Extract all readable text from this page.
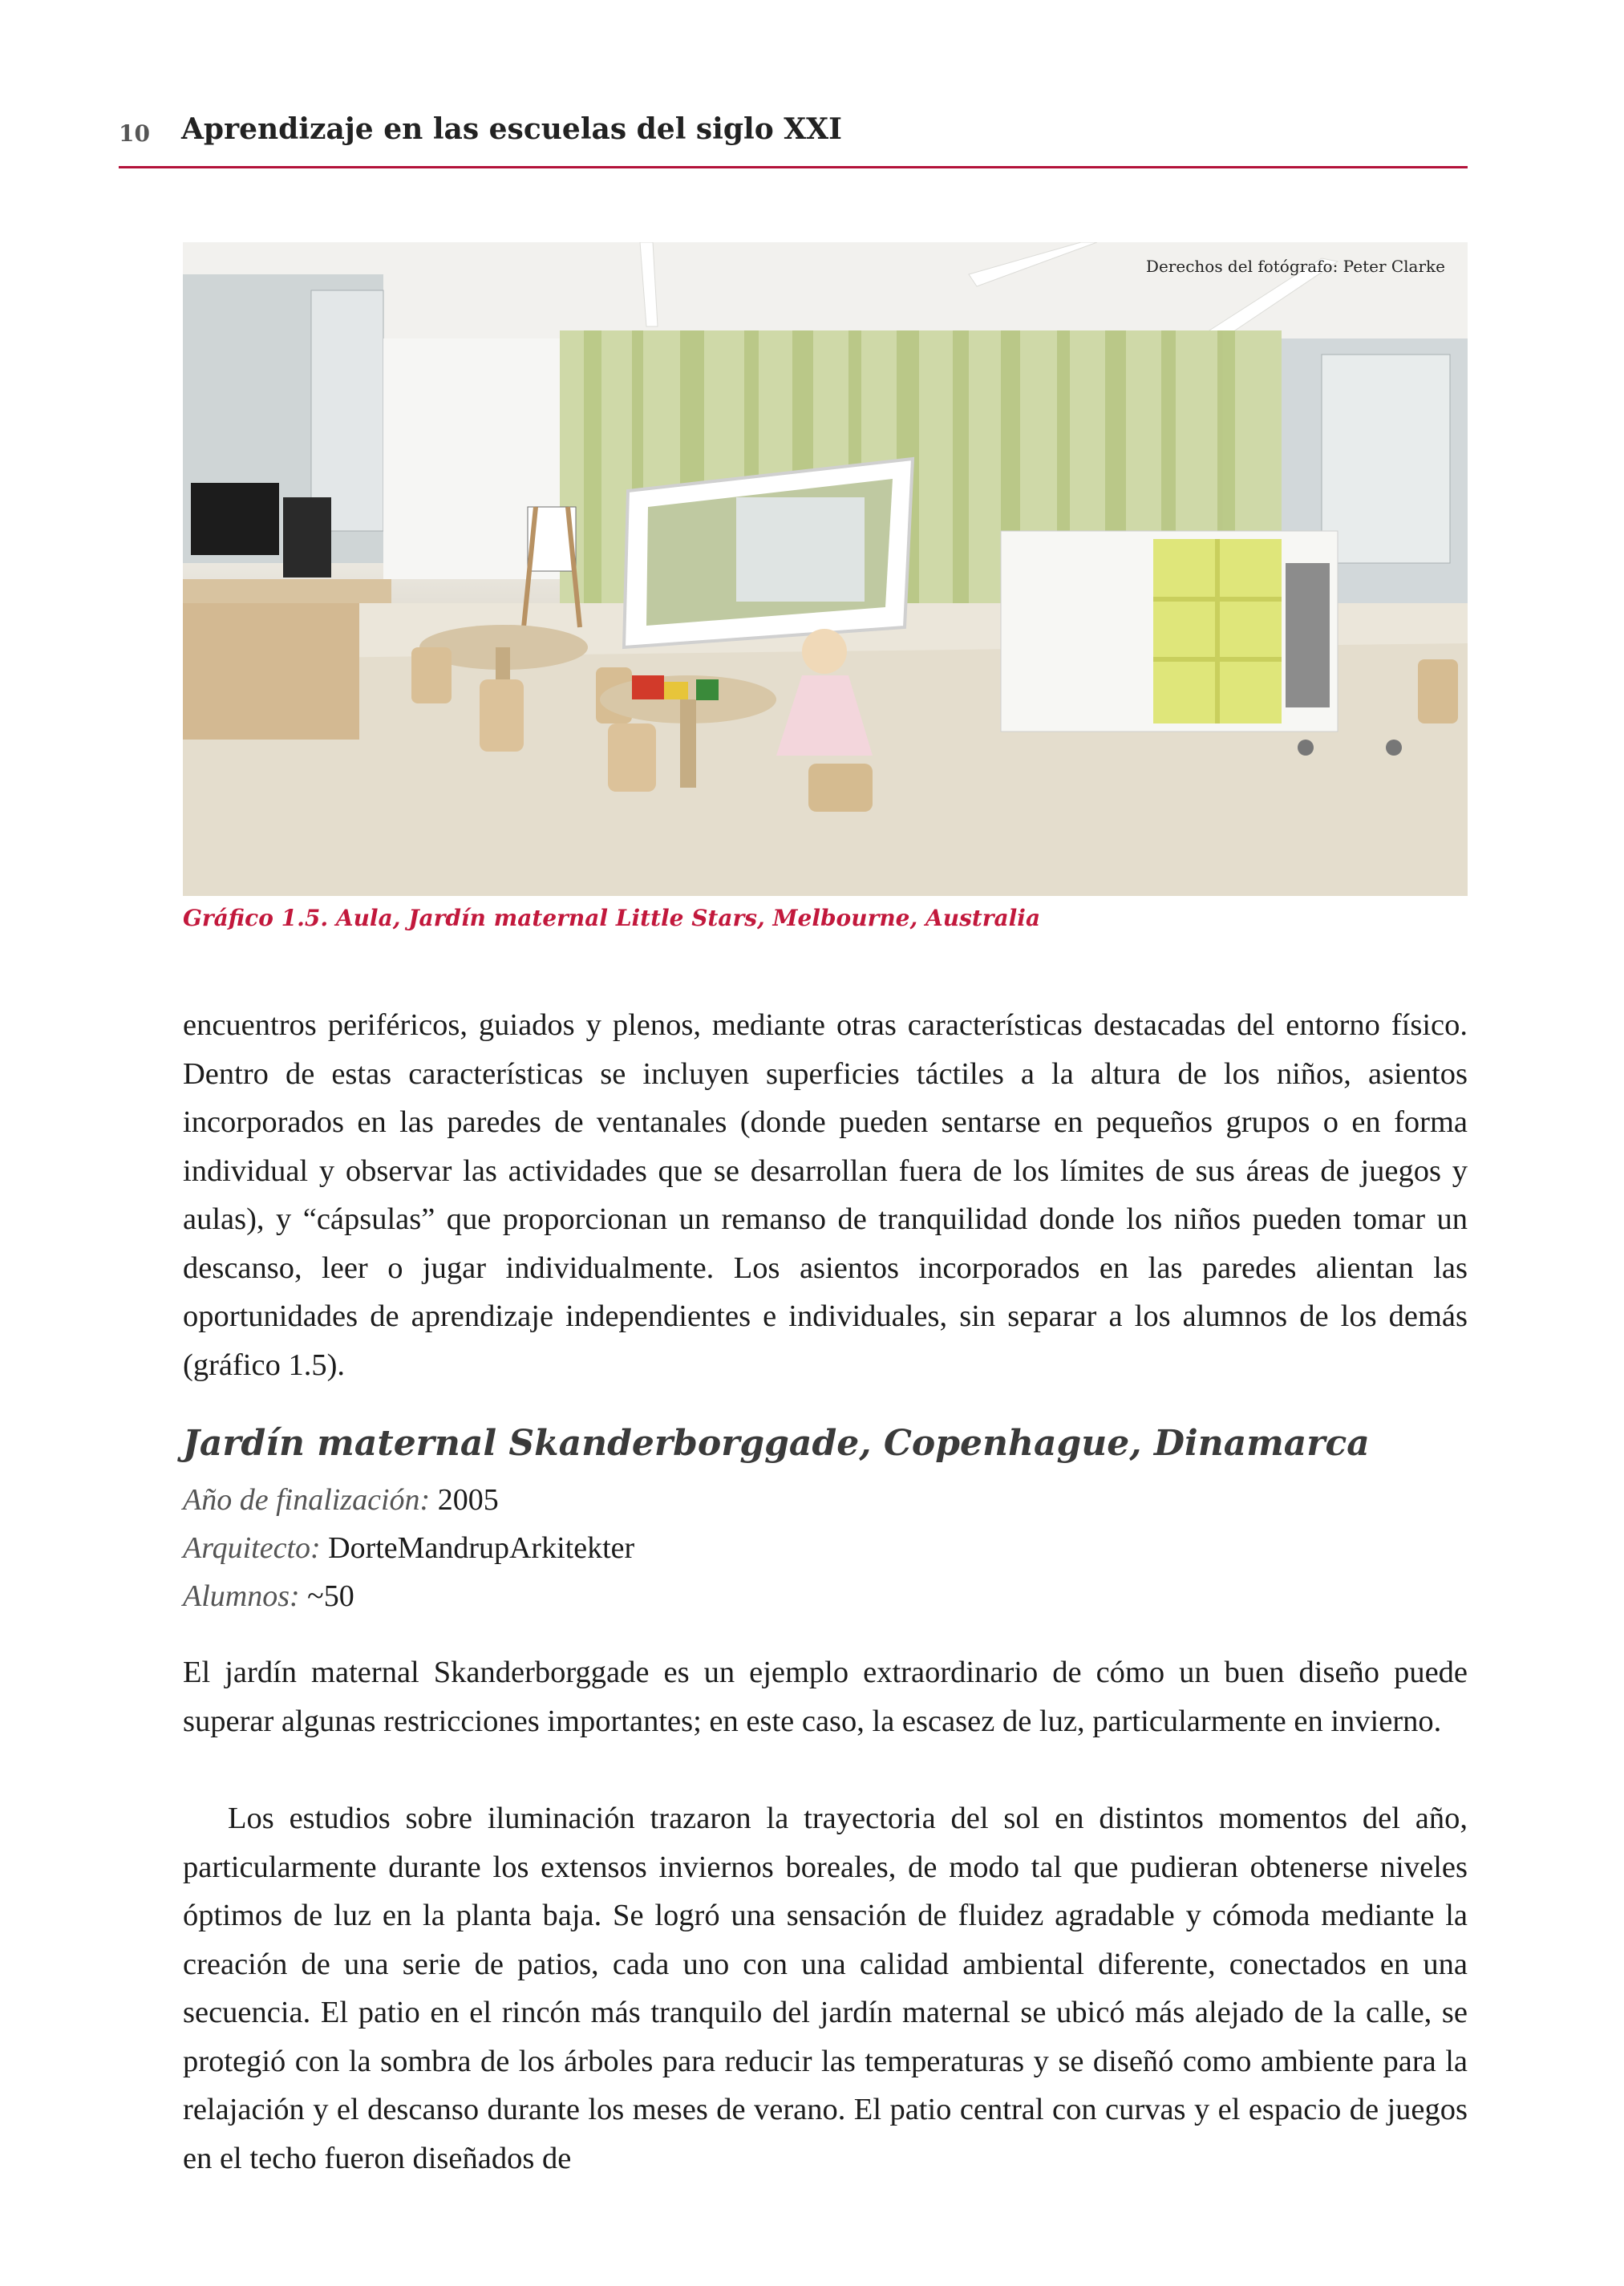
10 Aprendizaje en las escuelas del siglo XXI
Derechos del fotógrafo: Peter Clarke
Gráfico 1.5. Aula, Jardín maternal Little Stars, Melbourne, Australia

encuentros periféricos, guiados y plenos, mediante otras características destacadas del entorno físico. Dentro de estas características se incluyen superficies táctiles a la altura de los niños, asientos incorporados en las paredes de ventanales (donde pueden sentarse en pequeños grupos o en forma individual y observar las actividades que se desarrollan fuera de los límites de sus áreas de juegos y aulas), y “cápsulas” que proporcionan un remanso de tranquilidad donde los niños pueden tomar un descanso, leer o jugar individualmente. Los asientos incorporados en las paredes alientan las oportunidades de aprendizaje independientes e individuales, sin separar a los alumnos de los demás (gráfico 1.5).

Jardín maternal Skanderborggade, Copenhague, Dinamarca
Año de finalización: 2005
Arquitecto: DorteMandrupArkitekter
Alumnos: ~50

El jardín maternal Skanderborggade es un ejemplo extraordinario de cómo un buen diseño puede superar algunas restricciones importantes; en este caso, la escasez de luz, particularmente en invierno.

Los estudios sobre iluminación trazaron la trayectoria del sol en distintos momentos del año, particularmente durante los extensos inviernos boreales, de modo tal que pudieran obtenerse niveles óptimos de luz en la planta baja. Se logró una sensación de fluidez agradable y cómoda mediante la creación de una serie de patios, cada uno con una calidad ambiental diferente, conectados en una secuencia. El patio en el rincón más tranquilo del jardín maternal se ubicó más alejado de la calle, se protegió con la sombra de los árboles para reducir las temperaturas y se diseñó como ambiente para la relajación y el descanso durante los meses de verano. El patio central con curvas y el espacio de juegos en el techo fueron diseñados de
